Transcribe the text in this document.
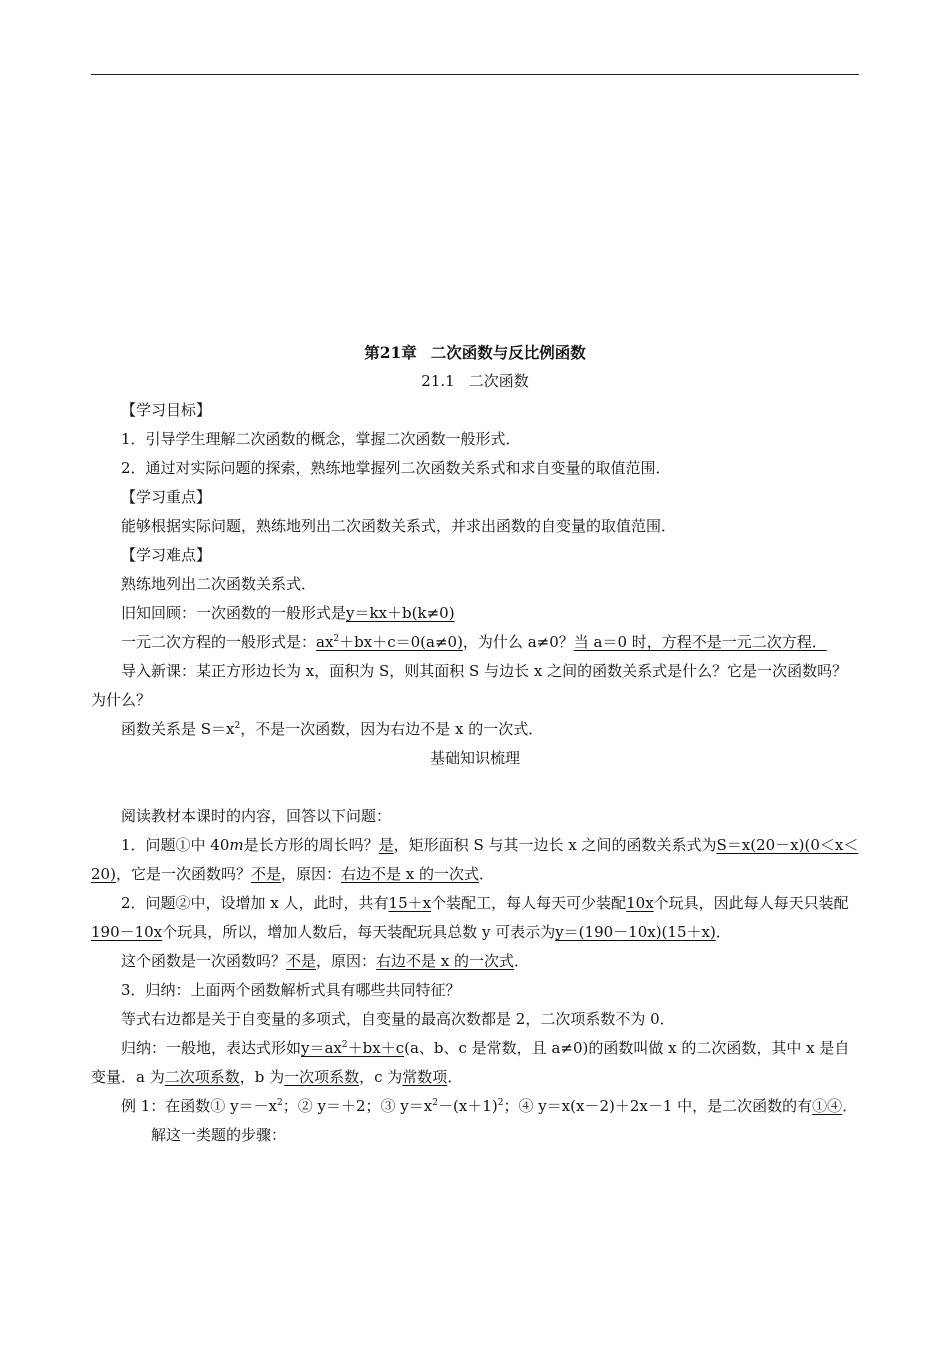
第21章 二次函数与反比例函数
21.1 二次函数

【学习目标】

1．引导学生理解二次函数的概念，掌握二次函数一般形式．

2．通过对实际问题的探索，熟练地掌握列二次函数关系式和求自变量的取值范围．

【学习重点】

能够根据实际问题，熟练地列出二次函数关系式，并求出函数的自变量的取值范围．

【学习难点】

熟练地列出二次函数关系式．

旧知回顾：一次函数的一般形式是y＝kx＋b(k≠0)

一元二次方程的一般形式是：$ax^2+bx+c=0(a\ne 0)$，为什么 a≠0？当 a＝0 时，方程不是一元二次方程．

导入新课：某正方形边长为 x，面积为 S，则其面积 S 与边长 x 之间的函数关系式是什么？它是一次函数吗？为什么？

函数关系是 $S=x^2$，不是一次函数，因为右边不是 x 的一次式．

基础知识梳理

阅读教材本课时的内容，回答以下问题：

1．问题①中 40m是长方形的周长吗？是，矩形面积 S 与其一边长 x 之间的函数关系式为S＝x(20－x)(0＜x＜20)，它是一次函数吗？不是，原因：右边不是 x 的一次式．

2．问题②中，设增加 x 人，此时，共有15＋x个装配工，每人每天可少装配10x个玩具，因此每人每天只装配190－10x个玩具，所以，增加人数后，每天装配玩具总数 y 可表示为y＝(190－10x)(15＋x)．

这个函数是一次函数吗？不是，原因：右边不是 x 的一次式．

3．归纳：上面两个函数解析式具有哪些共同特征？

等式右边都是关于自变量的多项式，自变量的最高次数都是 2，二次项系数不为 0．

归纳：一般地，表达式形如$y=ax^2+bx+c(a$、b、c 是常数，且 a≠0)的函数叫做 x 的二次函数，其中 x 是自变量．a 为二次项系数，b 为一次项系数，c 为常数项．

例 1：在函数① $y=-x^2$；② y＝＋2；③ $y=x^2-(x+1)^2$；④ y＝x(x－2)＋2x－1 中，是二次函数的有①④．

解这一类题的步骤：
